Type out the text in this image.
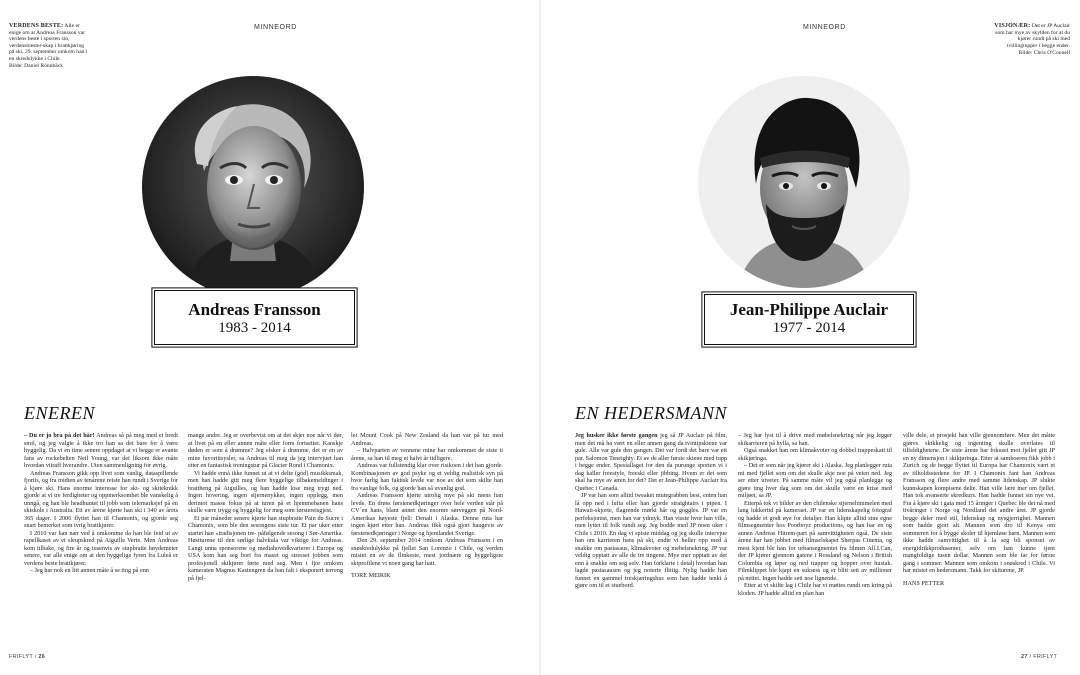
VERDENS BESTE: Alle er enige om at Andreas Fransson var verdens beste i sporten sin, verdensmester-skap i brattkjøring på ski. 29. september omkom han i en skredulykke i Chile.
Bilde: Daniel Rönnbäck
VISJONÆR: Det er JP Auclair som har mye av skylden for at du kjører rundt på ski med tvillingtupper i begge ender.
Bilde: Chris O'Connell
MINNEORD	MINNEORD
Andreas Fransson
1983 - 2014
Jean-Philippe Auclair
1977 - 2014
ENEREN	EN HEDERSMANN

– Du er jo bra på det hår! Andreas så på meg med et bredt smil, og jeg valgte å ikke tro han sa det bare for å være hyggelig. Da vi en time senere oppdaget at vi begge er avante fans av rockebelten Neil Young, var det liksom ikke måte hvordan vitraff hverandre. Uten sammenligning for øvrig.

Andreas Fransson gikk opp livet som vanlig, dataspillende fjortis, og fra midten av tenårene reiste han rundt i Sverige for å kjøre ski. Hans enorme interesse for ski- og skiteknikk gjorde at vi tre ferdigheter og oppmerksomhet ble vanskelig å unngå, og han ble headhuntet til jobb som telemarksjef på en skiskole i Australia. Ett av årene kjørte han ski i 340 av årets 365 dager. I 2006 flyttet han til Chamonix, og gjorde seg snart bemerket som ivrig brattkjører.

I 2010 var han nær ved å omkomme da han ble feid ut av rapellkaset av et sleupskred på Aiguille Verte. Men Andreas kom tilbake, og fire år og tusenvis av stupbratte høydemeter senere, var alle enige om at den hyggelige fyren fra Luleå er verdens beste brattkjører.

– Jeg har nok en litt annen måte å se ting på enn

mange andre. Jeg er overbevist om at det skjer noe når vi dør, at livet på en eller annen måte eller form fortsetter. Kanskje døden er som å drømme? Jeg elsker å drømme, det er en av mine favorittsysler, sa Andreas til meg da jeg intervjuet han etter en fantastisk treningstur på Glacier Rond i Chamonix.

Vi hadde ennå ikke funnet ut at vi delte (god) musikksmak, men han hadde gitt meg flere hyggelige tilbakemeldinger i brattheng på Aiguilles, og han hadde lose meg trygt ned. Ingen hovering, ingen stjernenykker, ingen opplegg, men derimot masse fokus på at turen på et hjemmebanen hans skulle være trygg og hyggelig for meg som førstereisgjest.

Et par måneder senere kjørte han stupbratte Pain du Sucre i Chamonix, som ble den sesongens siste tur. Et par uker etter startet han «tradisjonen tre- påfølgende sesong i Sør-Amerika. Høstturene til den sørlige halvkula var viktige for Andreas. Langt unna sponsorene og mediahovedkvarterer i Europa og USA kom han seg bort fra maset og stresset jobben som profesjonell skikjører førte med seg. Men i fjor omkom kameraten Magnus Kastengren da han falt i eksponert terreng på fjel-

let Mount Cook på New Zealand da han var på tur med Andreas.

– Halvparten av vennene mine har omkommet de siste ti årene, sa han til meg et halvt år tidligere.

Andreas var fullstendig klar over risikoen i det han gjorde. Kombinasjonen av god psyke og et veldig realistisk syn på hvor farlig han faktisk levde var noe av det som skilte han fra vanlige folk, og gjorde han så uvanlig god.

Andreas Fransson kjørte utrolig mye på ski mens han levde. En drøss førstenedkjøringer over hele verden står på CV´en hans, blant annet den enorme sørveggen på Nord-Amerikas høyeste fjell: Denali i Alaska. Denne ruta har ingen kjørt etter han. Andreas fikk også gjort haugevis av førstenedkjøringer i Norge og hjemlandet Sverige.

Den 29. september 2014 omkom Andreas Fransson i en snøskredulykke på fjellet San Lorenzo i Chile, og verden mistet en av de flinkeste, mest jordnære og hyggeligste skiprofilene vi noen gang har hatt.

TORE MEIRIK

Jeg husker ikke første gangen jeg så JP Auclair på film, men det må ha vært en eller annen gang da tvintipskiene var gule. Alle var gule den gangen. Det var fordi det bare var ett par. Salomon Teneighty. Et av de aller første skiene med tupp i begge ender. Spesiallaget for den da purunge sporten vi i dag kaller freestyle, freeski eller jibbing. Hvem er det som skal ha mye av æren for det? Det er Jean-Philippe Auclair fra Quebec i Canada.

JP var han som alltid tweaket mutegrabben best, enten han lå opp ned i lufta eller han gjorde straightairs i pipen. I Hawaii-skjorte, flagrende mørkt hår og goggles. JP var en perfeksjonist, men han var ydmyk. Han visste hvor han ville, men lyttet til folk rundt seg. Jeg bodde med JP noen uker i Chile i 2010. En dag vi spiste middag og jeg skulle intervjue han om karrieren hans på ski, endte vi heller opp med å snakke om pastasaus, klimakvoter og mebelsnekring. JP var veldig opptatt av alle de tre tingene. Mye mer opptatt av det enn å snakke om seg selv. Han forklarte i detalj hvordan han lagde pastasausen og jeg noterte flittig. Nylig hadde han funnet en gammel treskjæringshus som han hadde tenkt å gjøre om til et stuebord.

– Jeg har lyst til å drive med møbelsnekring når jeg legger skikarrieren på hylla, sa han.

Også snakket han om klimakvoter og dobbel trappeskatt til skikjøringa.

– Det er som når jeg kjører ski i Alaska. Jeg planlegger ruta mi med fjellet som om det skulle skje noe på veien ned. Jeg ser etter utveier. På samme måte vil jeg også planlegge og gjøre ting hver dag som om det skulle være en krise med miljøet, sa JP.

Etterpå tok vi bilder av den chilenske stjernehimmelen med lang lukkertid på kameraet. JP var en lidenskapelig fotograf og hadde et godt øye for detaljer. Han klipte alltid sine egne filmsegmenter hos Poorboyz productions, og han har en og annen Andreas Hitrem-part på samvittigheten også. De siste årene har han jobbet med filmselskapet Sherpas Cinema, og mest kjent ble han for urbansegmentet fra filmen All.I.Can, der JP kjører gjennom gatene i Rossland og Nelson i British Columbia og løper og ned trapper og hopper over hustak. Filmklippet ble kjapt en suksess og er blitt sett av millioner på nettet. Ingen hadde sett noe lignende.

Etter at vi skilte lag i Chile har vi møttes rundt om kring på kloden. JP hadde alltid en plan han

ville dele, et prosjekt han ville gjennomføre. Men det måtte gjøres skikkelig og ingenting skulle overlates til tilfeldighetene. De siste årene har fokuset mot fjellet gitt JP en ny dimensjon i skikjøringa. Etter at samboeren fikk jobb i Zurich og de begge flyttet til Europa har Chamonix vært et av tilholdsstedene for JP. I Chamonix fant han Andreas Fransson og flere andre med samme lidenskap. JP slukte kunnskapen kompisene delte. Han ville lære mer om fjellet. Han tok avanserte skredkurs. Han hadde funnet sin nye vei. Fra å kjøre ski i gata med 15 åringer i Quebec ble det nå med tivåringer i Norge og Nordland det andre året. JP gjorde begge deler med stil, lidenskap og nysgjerrighet. Mannen som hadde gjort alt. Mannen som dro til Kenya om sommeren for å bygge skoler til hjemløse barn. Mannen som ikke hadde samvittighet til å la seg bli sponset av energidrikkprodusenter, selv om han kunne tjent mangfoldige tusen dollar. Mannen som ble far for første gang i sommer. Mannen som omkom i snøskred i Chile. Vi har mistet en hedersmann. Takk for skiturene, JP.

HANS PETTER

FRIFLYT / 26	27 / FRIFLYT
